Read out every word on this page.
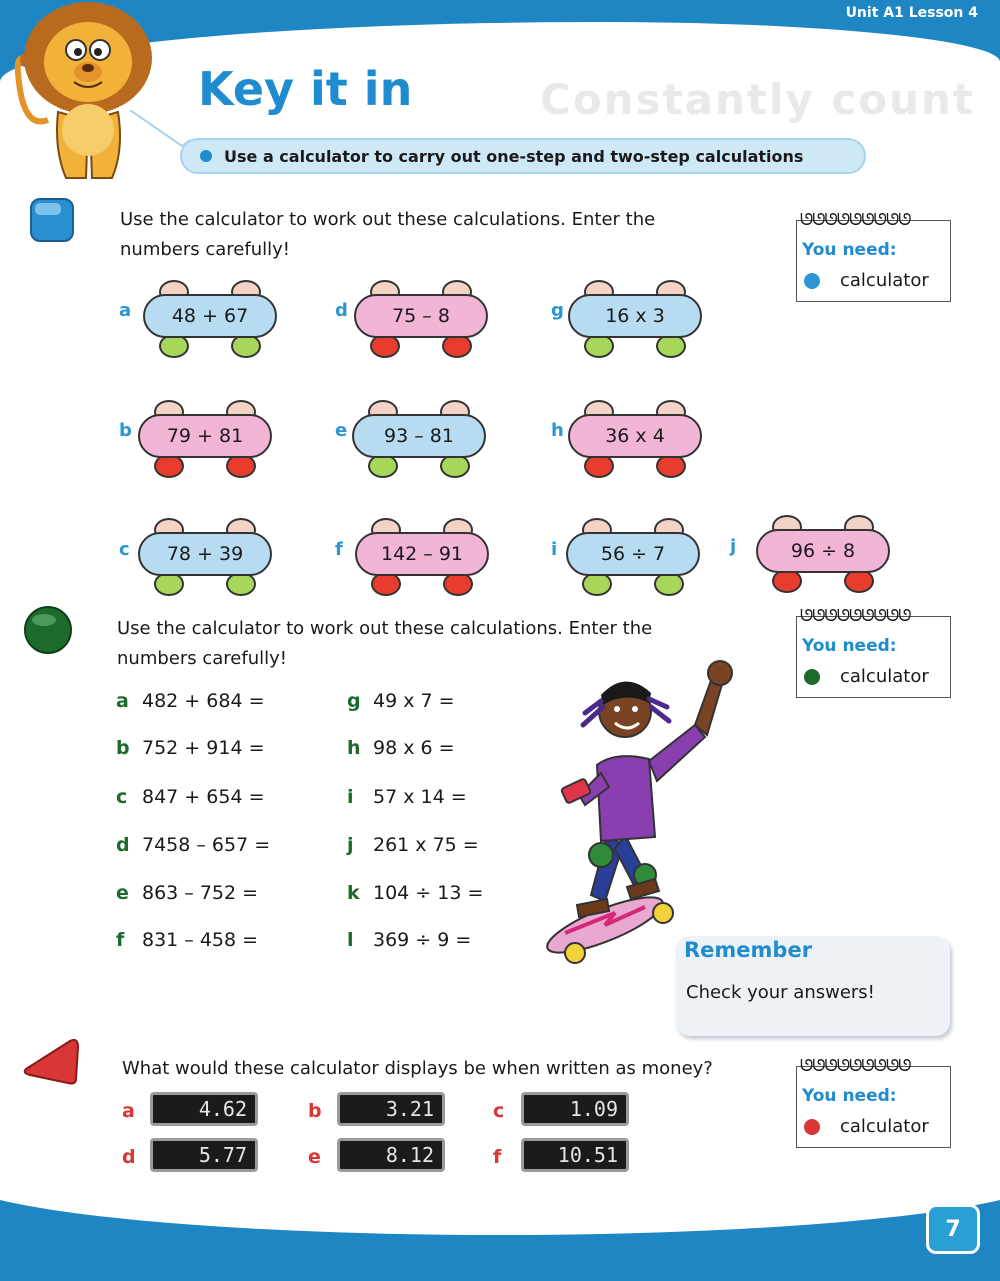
Unit A1 Lesson 4
7
Constantly count
Key it in
Use a calculator to carry out one-step and two-step calculations
Use the calculator to work out these calculations. Enter the
numbers carefully!
ᘎᘎᘎᘎᘎᘎᘎᘎᘎ
You need:
calculator
a	48 + 67
b	79 + 81
c	78 + 39
d	75 – 8
e	93 – 81
f	142 – 91
g	16 x 3
h	36 x 4
i	56 ÷ 7	j	96 ÷ 8
Use the calculator to work out these calculations. Enter the
numbers carefully!
ᘎᘎᘎᘎᘎᘎᘎᘎᘎ
You need:
calculator
a 482 + 684 =
b 752 + 914 =
c 847 + 654 =
d 7458 – 657 =
e 863 – 752 =
f 831 – 458 =
g 49 x 7 =
h 98 x 6 =
i	57 x 14 =
j	261 x 75 =
k 104 ÷ 13 =
l	369 ÷ 9 =	Remember
Check your answers!
What would these calculator displays be when written as money?	ᘎᘎᘎᘎᘎᘎᘎᘎᘎ
You need:
calculator
a	4.62	b	3.21	c	1.09
d	5.77	e	8.12	f	10.51
